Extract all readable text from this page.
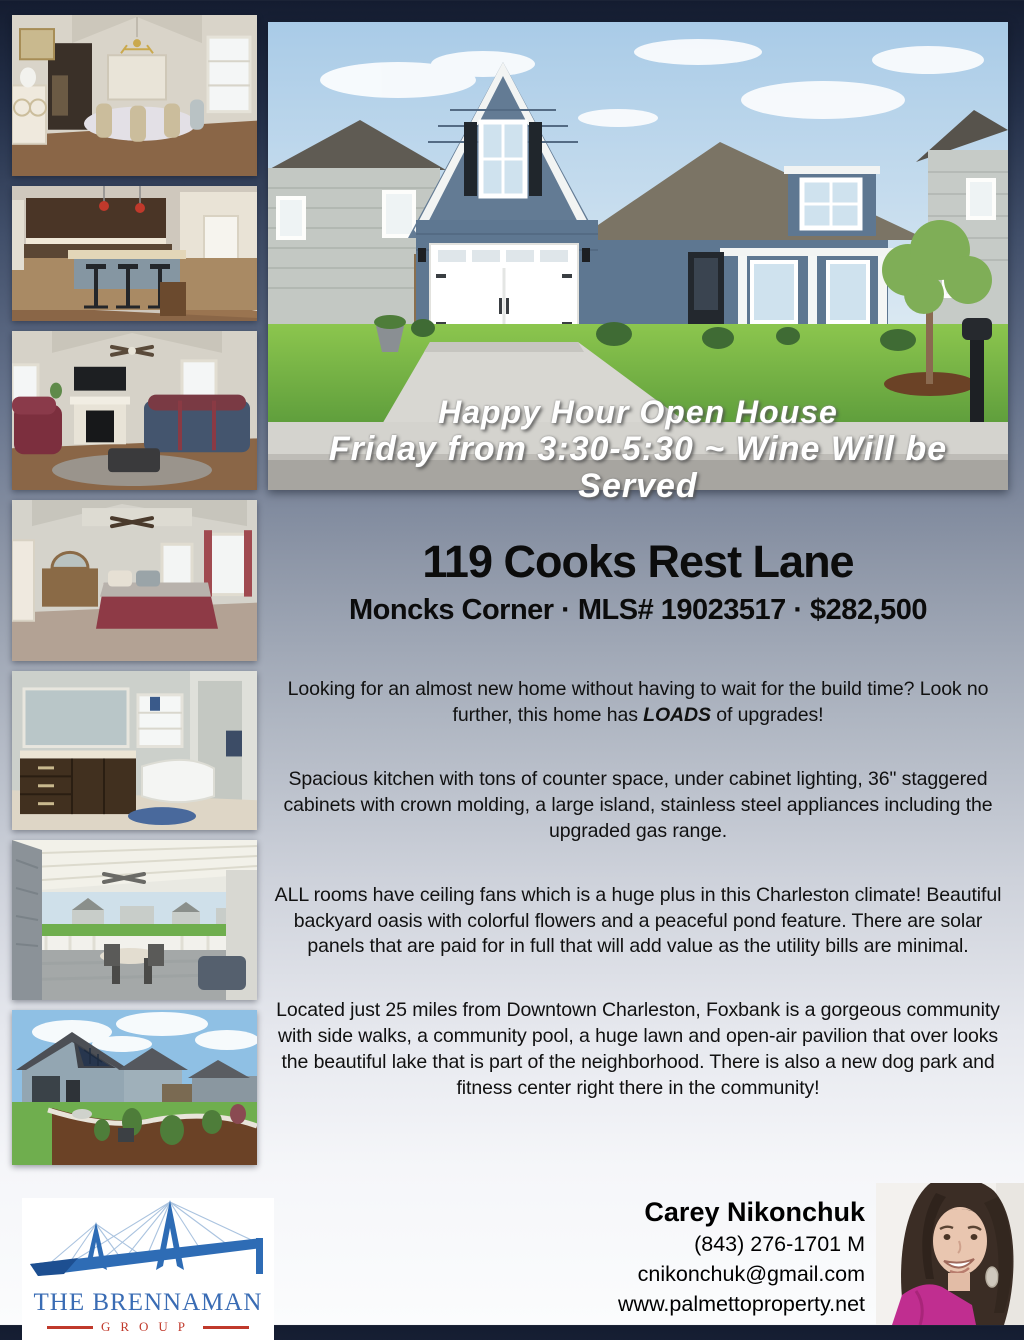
THE BRENNAMAN
GROUP
Happy Hour Open House
Friday from 3:30-5:30 ~ Wine Will be Served
119 Cooks Rest Lane
Moncks Corner · MLS# 19023517 · $282,500

Looking for an almost new home without having to wait for the build time? Look no further, this home has LOADS of upgrades!

Spacious kitchen with tons of counter space, under cabinet lighting, 36" staggered cabinets with crown molding, a large island, stainless steel appliances including the upgraded gas range.

ALL rooms have ceiling fans which is a huge plus in this Charleston climate! Beautiful backyard oasis with colorful flowers and a peaceful pond feature. There are solar panels that are paid for in full that will add value as the utility bills are minimal.

Located just 25 miles from Downtown Charleston, Foxbank is a gorgeous community with side walks, a community pool, a huge lawn and open-air pavilion that over looks the beautiful lake that is part of the neighborhood. There is also a new dog park and fitness center right there in the community!

Carey Nikonchuk
(843) 276-1701 M
cnikonchuk@gmail.com
www.palmettoproperty.net
